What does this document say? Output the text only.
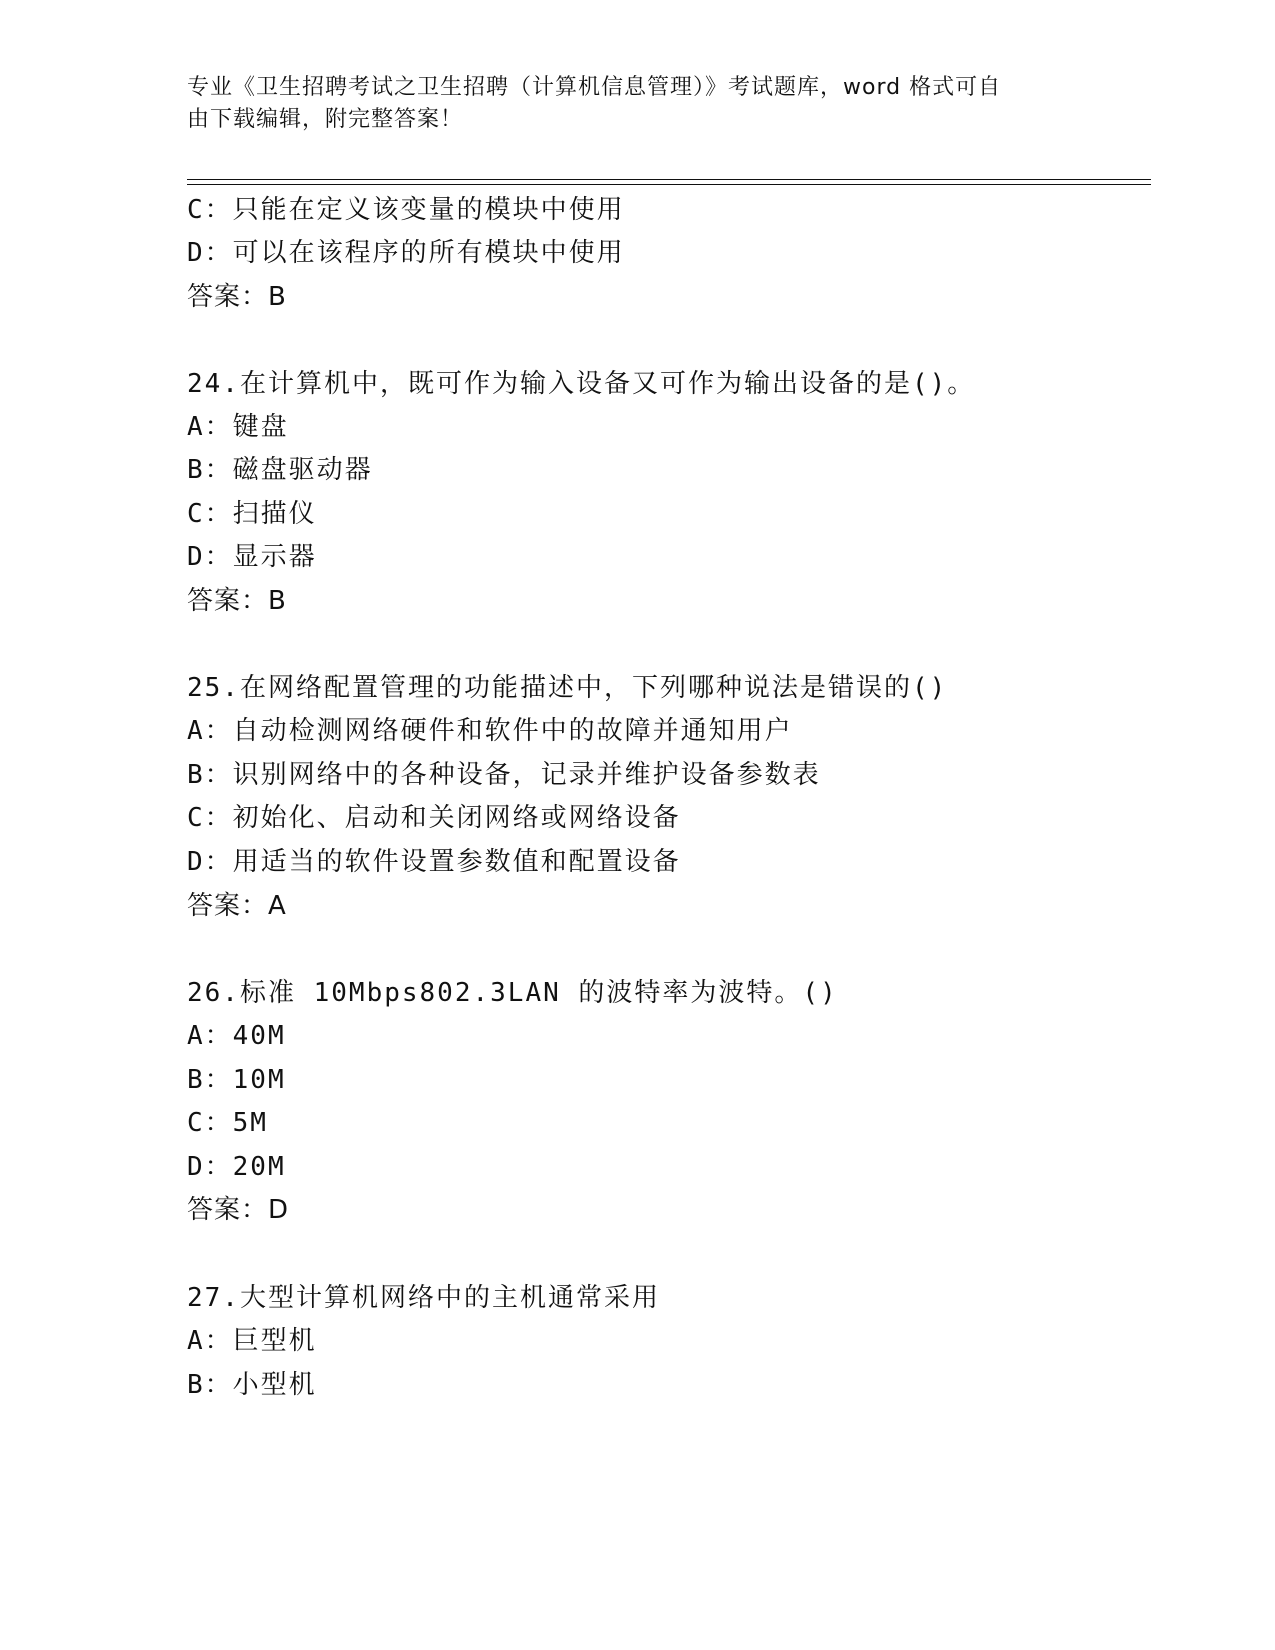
专业《卫生招聘考试之卫生招聘（计算机信息管理）》考试题库，word 格式可自
由下载编辑，附完整答案！
C：只能在定义该变量的模块中使用
D：可以在该程序的所有模块中使用
答案：B
24.在计算机中，既可作为输入设备又可作为输出设备的是()。
A：键盘
B：磁盘驱动器
C：扫描仪
D：显示器
答案：B
25.在网络配置管理的功能描述中，下列哪种说法是错误的()
A：自动检测网络硬件和软件中的故障并通知用户
B：识别网络中的各种设备，记录并维护设备参数表
C：初始化、启动和关闭网络或网络设备
D：用适当的软件设置参数值和配置设备
答案：A
26.标准 10Mbps802.3LAN 的波特率为波特。()
A：40M
B：10M
C：5M
D：20M
答案：D
27.大型计算机网络中的主机通常采用
A：巨型机
B：小型机
